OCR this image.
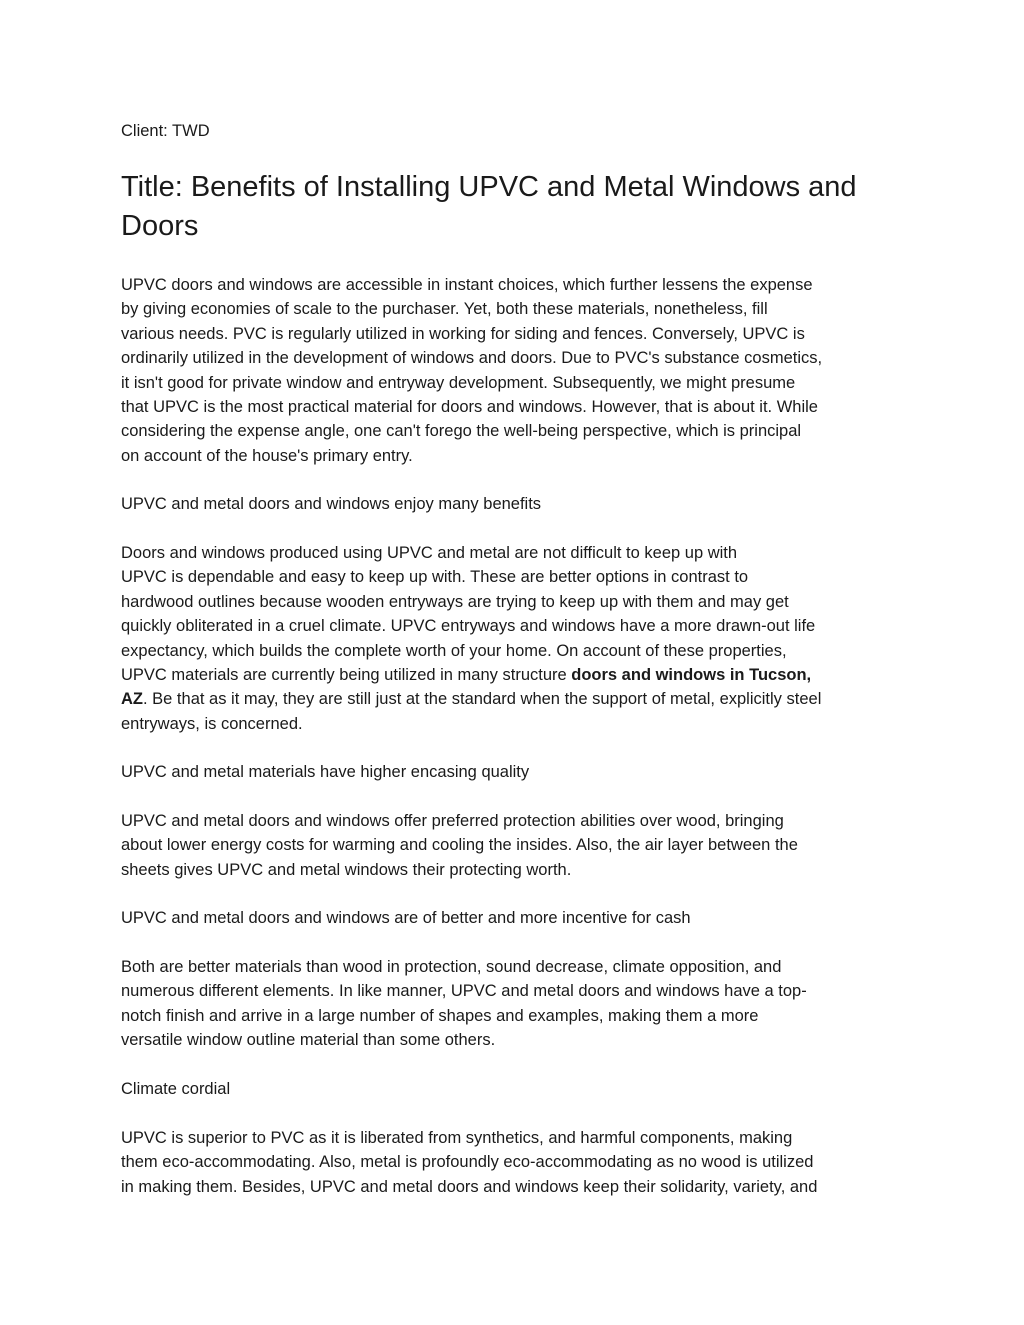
Client: TWD
Title: Benefits of Installing UPVC and Metal Windows and Doors

UPVC doors and windows are accessible in instant choices, which further lessens the expense
by giving economies of scale to the purchaser. Yet, both these materials, nonetheless, fill
various needs. PVC is regularly utilized in working for siding and fences. Conversely, UPVC is
ordinarily utilized in the development of windows and doors. Due to PVC's substance cosmetics,
it isn't good for private window and entryway development. Subsequently, we might presume
that UPVC is the most practical material for doors and windows. However, that is about it. While
considering the expense angle, one can't forego the well-being perspective, which is principal
on account of the house's primary entry.

UPVC and metal doors and windows enjoy many benefits

Doors and windows produced using UPVC and metal are not difficult to keep up with
UPVC is dependable and easy to keep up with. These are better options in contrast to
hardwood outlines because wooden entryways are trying to keep up with them and may get
quickly obliterated in a cruel climate. UPVC entryways and windows have a more drawn-out life
expectancy, which builds the complete worth of your home. On account of these properties,
UPVC materials are currently being utilized in many structure doors and windows in Tucson,
AZ. Be that as it may, they are still just at the standard when the support of metal, explicitly steel
entryways, is concerned.

UPVC and metal materials have higher encasing quality

UPVC and metal doors and windows offer preferred protection abilities over wood, bringing
about lower energy costs for warming and cooling the insides. Also, the air layer between the
sheets gives UPVC and metal windows their protecting worth.

UPVC and metal doors and windows are of better and more incentive for cash

Both are better materials than wood in protection, sound decrease, climate opposition, and
numerous different elements. In like manner, UPVC and metal doors and windows have a top-
notch finish and arrive in a large number of shapes and examples, making them a more
versatile window outline material than some others.

Climate cordial

UPVC is superior to PVC as it is liberated from synthetics, and harmful components, making
them eco-accommodating. Also, metal is profoundly eco-accommodating as no wood is utilized
in making them. Besides, UPVC and metal doors and windows keep their solidarity, variety, and
